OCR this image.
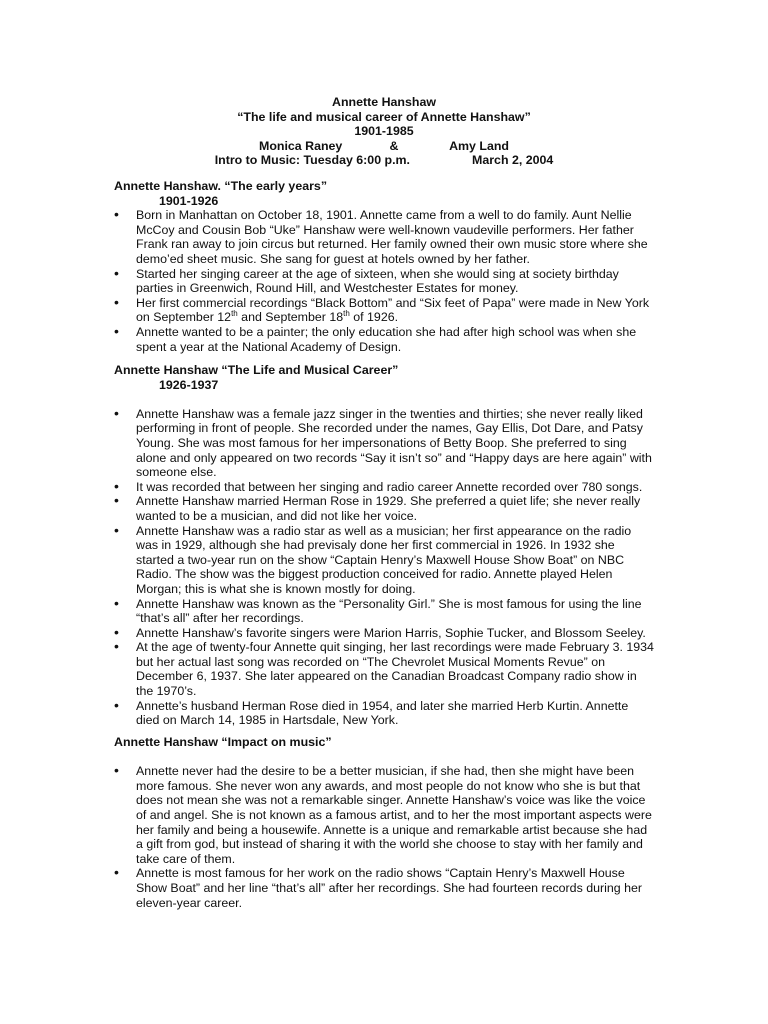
Annette Hanshaw
“The life and musical career of Annette Hanshaw”
1901-1985
Monica Raney	&	Amy Land
Intro to Music: Tuesday 6:00 p.m.	March 2, 2004
Annette Hanshaw. “The early years”
1901-1926
• Born in Manhattan on October 18, 1901. Annette came from a well to do family. Aunt Nellie McCoy and Cousin Bob “Uke” Hanshaw were well-known vaudeville performers. Her father Frank ran away to join circus but returned. Her family owned their own music store where she demo’ed sheet music. She sang for guest at hotels owned by her father.
• Started her singing career at the age of sixteen, when she would sing at society birthday parties in Greenwich, Round Hill, and Westchester Estates for money.
• Her first commercial recordings “Black Bottom” and “Six feet of Papa” were made in New York on September 12th and September 18th of 1926.
• Annette wanted to be a painter; the only education she had after high school was when she spent a year at the National Academy of Design.
Annette Hanshaw “The Life and Musical Career”
1926-1937
• Annette Hanshaw was a female jazz singer in the twenties and thirties; she never really liked performing in front of people. She recorded under the names, Gay Ellis, Dot Dare, and Patsy Young. She was most famous for her impersonations of Betty Boop. She preferred to sing alone and only appeared on two records “Say it isn’t so” and “Happy days are here again” with someone else.
• It was recorded that between her singing and radio career Annette recorded over 780 songs.
• Annette Hanshaw married Herman Rose in 1929. She preferred a quiet life; she never really wanted to be a musician, and did not like her voice.
• Annette Hanshaw was a radio star as well as a musician; her first appearance on the radio was in 1929, although she had previsaly done her first commercial in 1926. In 1932 she started a two-year run on the show “Captain Henry’s Maxwell House Show Boat” on NBC Radio. The show was the biggest production conceived for radio. Annette played Helen Morgan; this is what she is known mostly for doing.
• Annette Hanshaw was known as the “Personality Girl.” She is most famous for using the line “that’s all” after her recordings.
• Annette Hanshaw’s favorite singers were Marion Harris, Sophie Tucker, and Blossom Seeley.
• At the age of twenty-four Annette quit singing, her last recordings were made February 3. 1934 but her actual last song was recorded on “The Chevrolet Musical Moments Revue” on December 6, 1937. She later appeared on the Canadian Broadcast Company radio show in the 1970’s.
• Annette’s husband Herman Rose died in 1954, and later she married Herb Kurtin. Annette died on March 14, 1985 in Hartsdale, New York.
Annette Hanshaw “Impact on music”
• Annette never had the desire to be a better musician, if she had, then she might have been more famous. She never won any awards, and most people do not know who she is but that does not mean she was not a remarkable singer. Annette Hanshaw’s voice was like the voice of and angel. She is not known as a famous artist, and to her the most important aspects were her family and being a housewife. Annette is a unique and remarkable artist because she had a gift from god, but instead of sharing it with the world she choose to stay with her family and take care of them.
• Annette is most famous for her work on the radio shows “Captain Henry’s Maxwell House Show Boat” and her line “that’s all” after her recordings. She had fourteen records during her eleven-year career.
